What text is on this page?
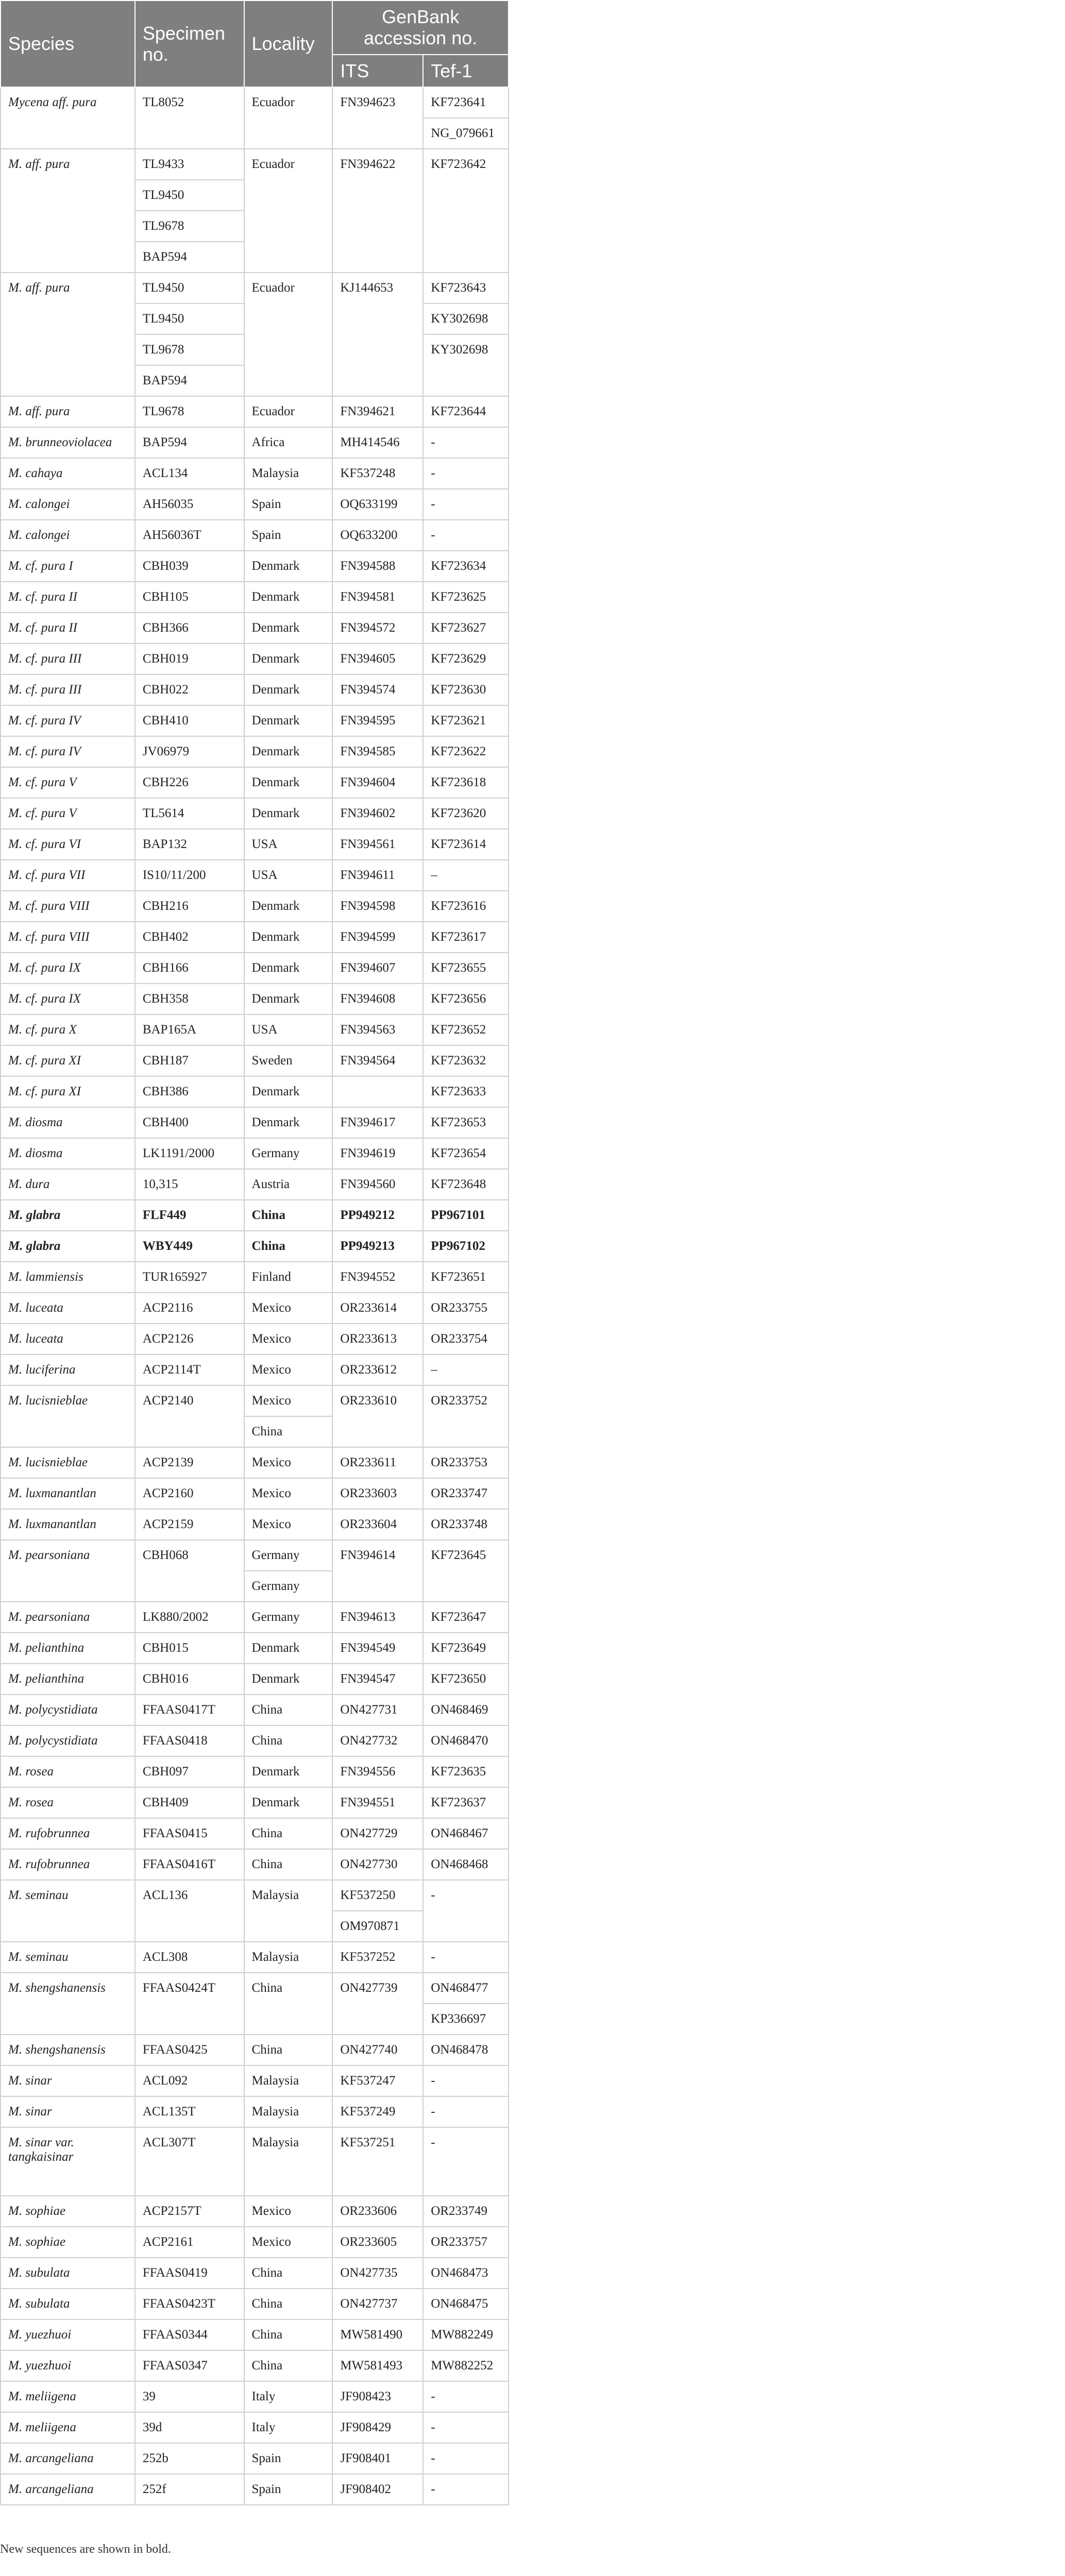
Species	Specimen no.	Locality	GenBank accession no.	
			ITS	Tef-1
Mycena aff. pura	TL8052	Ecuador	FN394623	KF723641
				NG_079661
M. aff. pura	TL9433	Ecuador	FN394622	KF723642
	TL9450			
	TL9678			
	BAP594			
M. aff. pura	TL9450	Ecuador	KJ144653	KF723643
	TL9450			KY302698
	TL9678			KY302698
	BAP594			
M. aff. pura	TL9678	Ecuador	FN394621	KF723644
M. brunneoviolacea	BAP594	Africa	MH414546	-
M. cahaya	ACL134	Malaysia	KF537248	-
M. calongei	AH56035	Spain	OQ633199	-
M. calongei	AH56036T	Spain	OQ633200	-
M. cf. pura I	CBH039	Denmark	FN394588	KF723634
M. cf. pura II	CBH105	Denmark	FN394581	KF723625
M. cf. pura II	CBH366	Denmark	FN394572	KF723627
M. cf. pura III	CBH019	Denmark	FN394605	KF723629
M. cf. pura III	CBH022	Denmark	FN394574	KF723630
M. cf. pura IV	CBH410	Denmark	FN394595	KF723621
M. cf. pura IV	JV06979	Denmark	FN394585	KF723622
M. cf. pura V	CBH226	Denmark	FN394604	KF723618
M. cf. pura V	TL5614	Denmark	FN394602	KF723620
M. cf. pura VI	BAP132	USA	FN394561	KF723614
M. cf. pura VII	IS10/11/200	USA	FN394611	–
M. cf. pura VIII	CBH216	Denmark	FN394598	KF723616
M. cf. pura VIII	CBH402	Denmark	FN394599	KF723617
M. cf. pura IX	CBH166	Denmark	FN394607	KF723655
M. cf. pura IX	CBH358	Denmark	FN394608	KF723656
M. cf. pura X	BAP165A	USA	FN394563	KF723652
M. cf. pura XI	CBH187	Sweden	FN394564	KF723632
M. cf. pura XI	CBH386	Denmark		KF723633
M. diosma	CBH400	Denmark	FN394617	KF723653
M. diosma	LK1191/2000	Germany	FN394619	KF723654
M. dura	10,315	Austria	FN394560	KF723648
M. glabra	FLF449	China	PP949212	PP967101
M. glabra	WBY449	China	PP949213	PP967102
M. lammiensis	TUR165927	Finland	FN394552	KF723651
M. luceata	ACP2116	Mexico	OR233614	OR233755
M. luceata	ACP2126	Mexico	OR233613	OR233754
M. luciferina	ACP2114T	Mexico	OR233612	–
M. lucisnieblae	ACP2140	Mexico	OR233610	OR233752
		China		
M. lucisnieblae	ACP2139	Mexico	OR233611	OR233753
M. luxmanantlan	ACP2160	Mexico	OR233603	OR233747
M. luxmanantlan	ACP2159	Mexico	OR233604	OR233748
M. pearsoniana	CBH068	Germany	FN394614	KF723645
		Germany		
M. pearsoniana	LK880/2002	Germany	FN394613	KF723647
M. pelianthina	CBH015	Denmark	FN394549	KF723649
M. pelianthina	CBH016	Denmark	FN394547	KF723650
M. polycystidiata	FFAAS0417T	China	ON427731	ON468469
M. polycystidiata	FFAAS0418	China	ON427732	ON468470
M. rosea	CBH097	Denmark	FN394556	KF723635
M. rosea	CBH409	Denmark	FN394551	KF723637
M. rufobrunnea	FFAAS0415	China	ON427729	ON468467
M. rufobrunnea	FFAAS0416T	China	ON427730	ON468468
M. seminau	ACL136	Malaysia	KF537250	-
			OM970871	
M. seminau	ACL308	Malaysia	KF537252	-
M. shengshanensis	FFAAS0424T	China	ON427739	ON468477
				KP336697
M. shengshanensis	FFAAS0425	China	ON427740	ON468478
M. sinar	ACL092	Malaysia	KF537247	-
M. sinar	ACL135T	Malaysia	KF537249	-
M. sinar var. tangkaisinar	ACL307T	Malaysia	KF537251	-
M. sophiae	ACP2157T	Mexico	OR233606	OR233749
M. sophiae	ACP2161	Mexico	OR233605	OR233757
M. subulata	FFAAS0419	China	ON427735	ON468473
M. subulata	FFAAS0423T	China	ON427737	ON468475
M. yuezhuoi	FFAAS0344	China	MW581490	MW882249
M. yuezhuoi	FFAAS0347	China	MW581493	MW882252
M. meliigena	39	Italy	JF908423	-
M. meliigena	39d	Italy	JF908429	-
M. arcangeliana	252b	Spain	JF908401	-
M. arcangeliana	252f	Spain	JF908402	-
New sequences are shown in bold.
